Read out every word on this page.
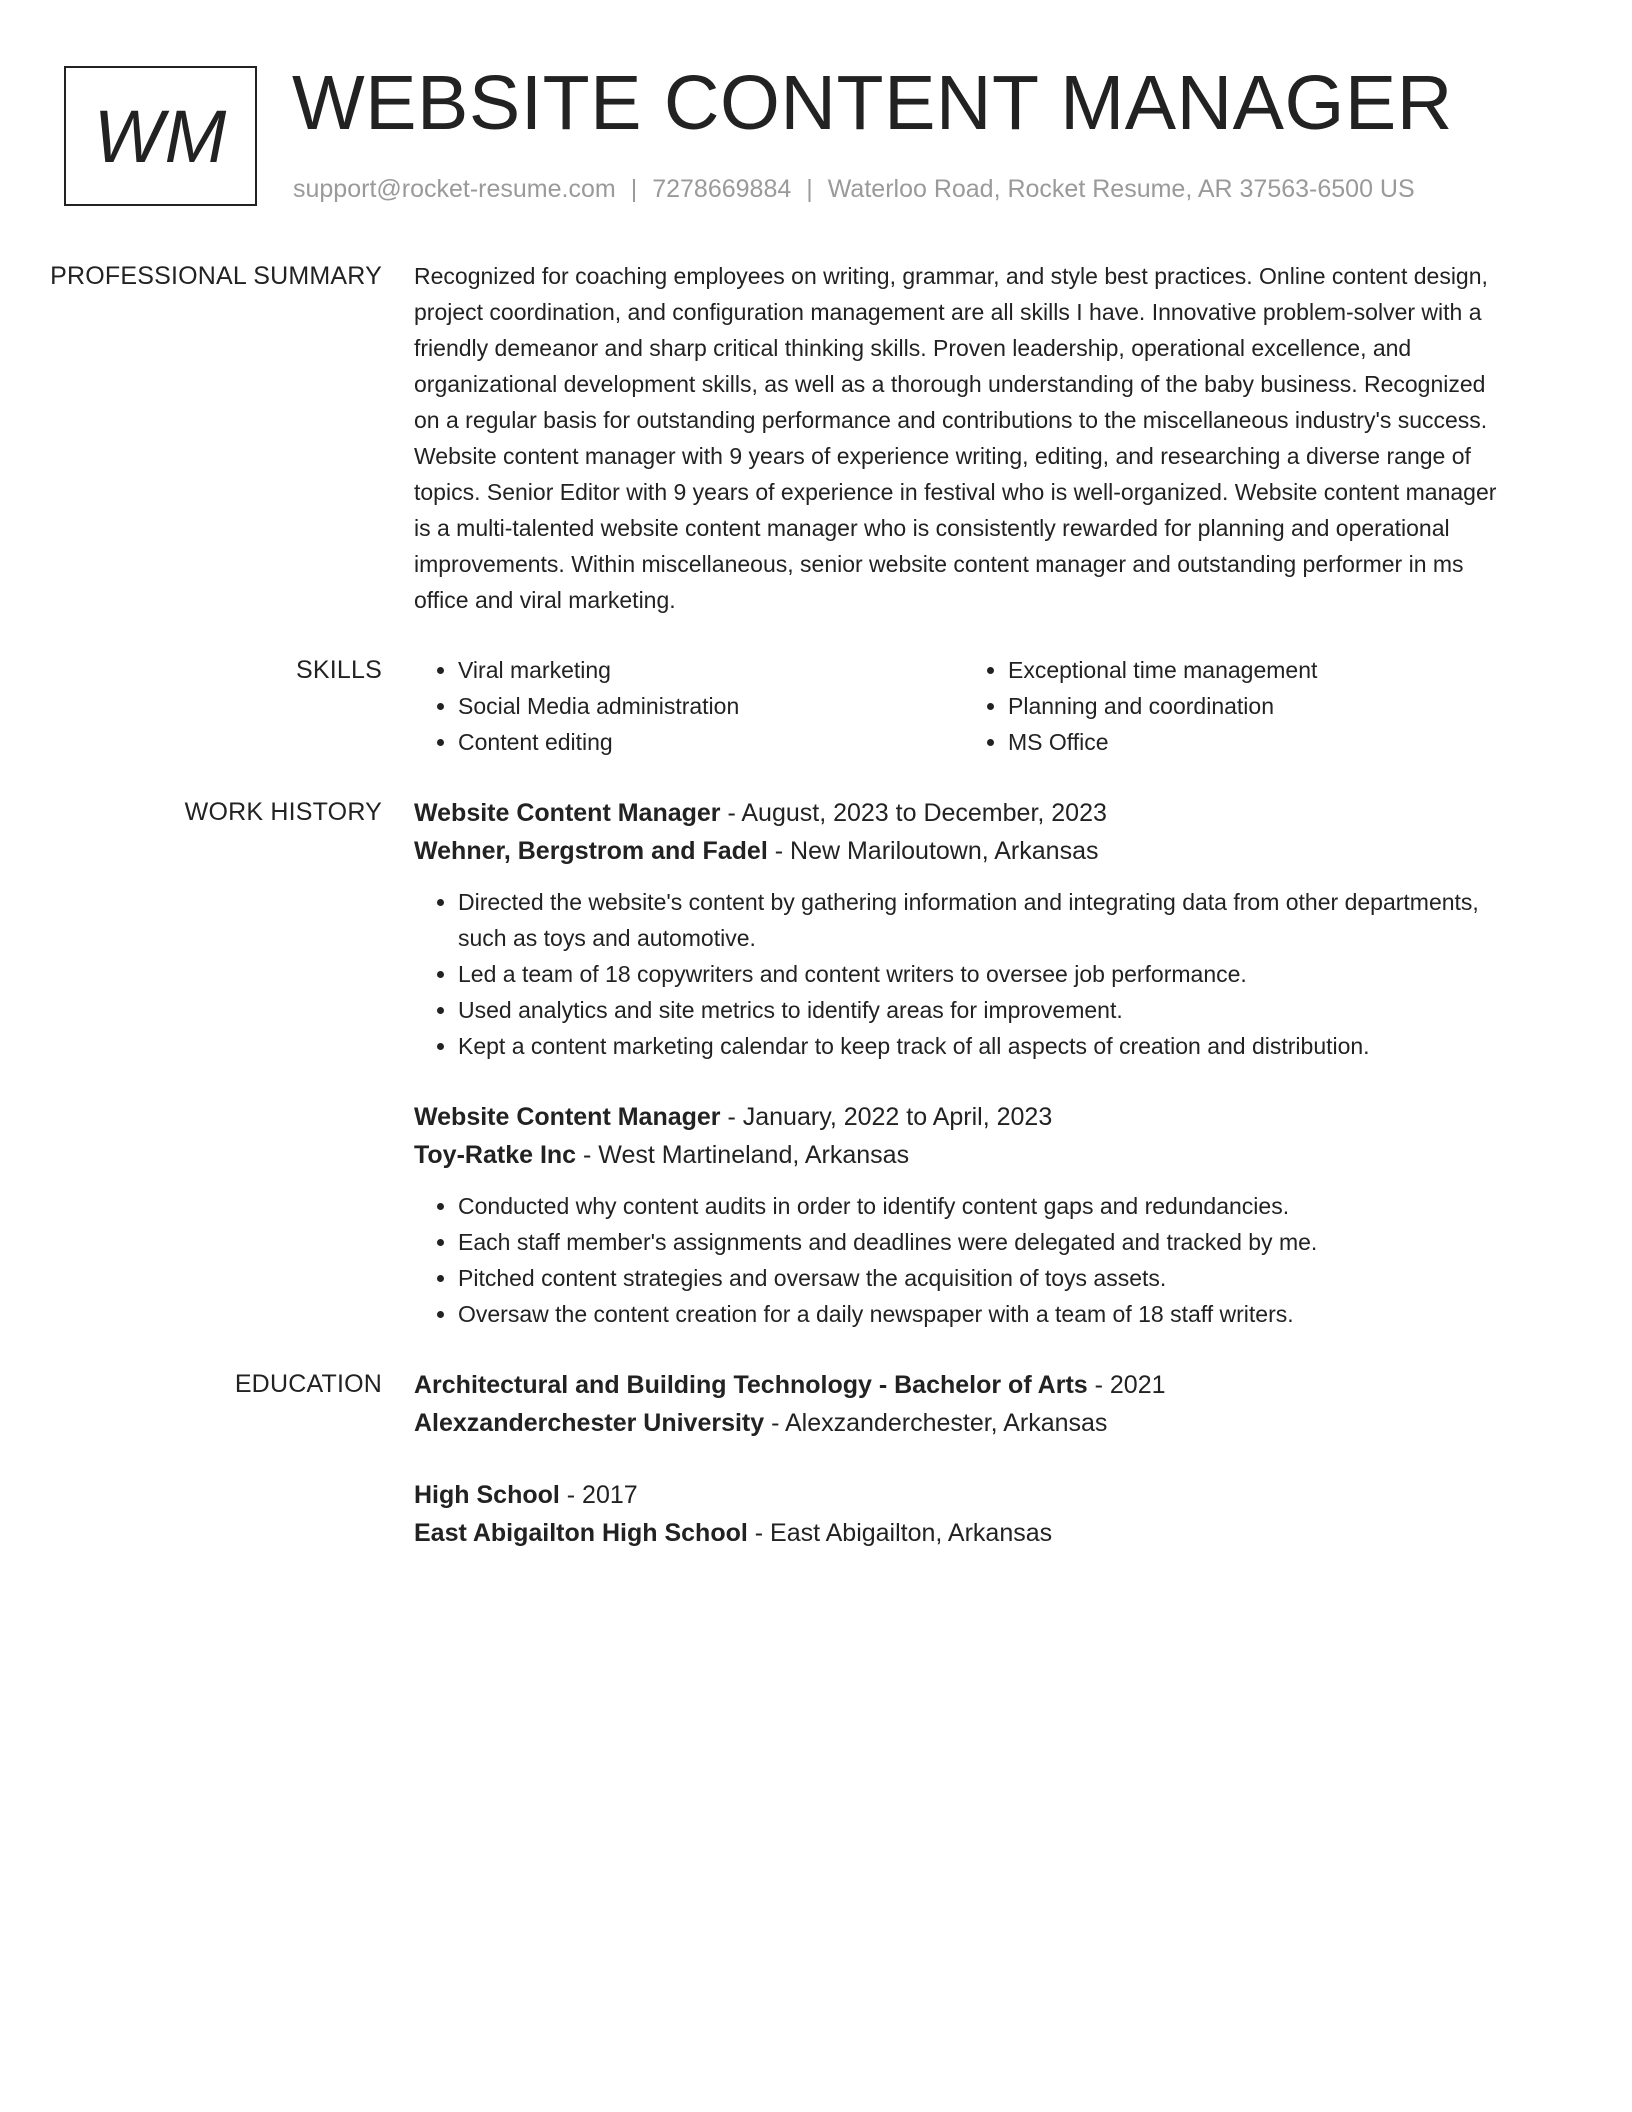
WM WEBSITE CONTENT MANAGER
support@rocket-resume.com | 7278669884 | Waterloo Road, Rocket Resume, AR 37563-6500 US
PROFESSIONAL SUMMARY	Recognized for coaching employees on writing, grammar, and style best practices. Online content design, project coordination, and configuration management are all skills I have. Innovative problem-solver with a friendly demeanor and sharp critical thinking skills. Proven leadership, operational excellence, and organizational development skills, as well as a thorough understanding of the baby business. Recognized on a regular basis for outstanding performance and contributions to the miscellaneous industry's success. Website content manager with 9 years of experience writing, editing, and researching a diverse range of topics. Senior Editor with 9 years of experience in festival who is well-organized. Website content manager is a multi-talented website content manager who is consistently rewarded for planning and operational improvements. Within miscellaneous, senior website content manager and outstanding performer in ms office and viral marketing.

SKILLS
•	Viral marketing
• Social Media administration
• Content editing
• Exceptional time management
• Planning and coordination
• MS Office
WORK HISTORY	Website Content Manager - August, 2023 to December, 2023
Wehner, Bergstrom and Fadel - New Mariloutown, Arkansas
• Directed the website's content by gathering information and integrating data from other departments, such as toys and automotive.
• Led a team of 18 copywriters and content writers to oversee job performance.
• Used analytics and site metrics to identify areas for improvement.
• Kept a content marketing calendar to keep track of all aspects of creation and distribution.
Website Content Manager - January, 2022 to April, 2023
Toy-Ratke Inc - West Martineland, Arkansas
• Conducted why content audits in order to identify content gaps and redundancies.
• Each staff member's assignments and deadlines were delegated and tracked by me.
• Pitched content strategies and oversaw the acquisition of toys assets.
• Oversaw the content creation for a daily newspaper with a team of 18 staff writers.
EDUCATION	Architectural and Building Technology - Bachelor of Arts - 2021
Alexzanderchester University - Alexzanderchester, Arkansas
High School - 2017
East Abigailton High School - East Abigailton, Arkansas
